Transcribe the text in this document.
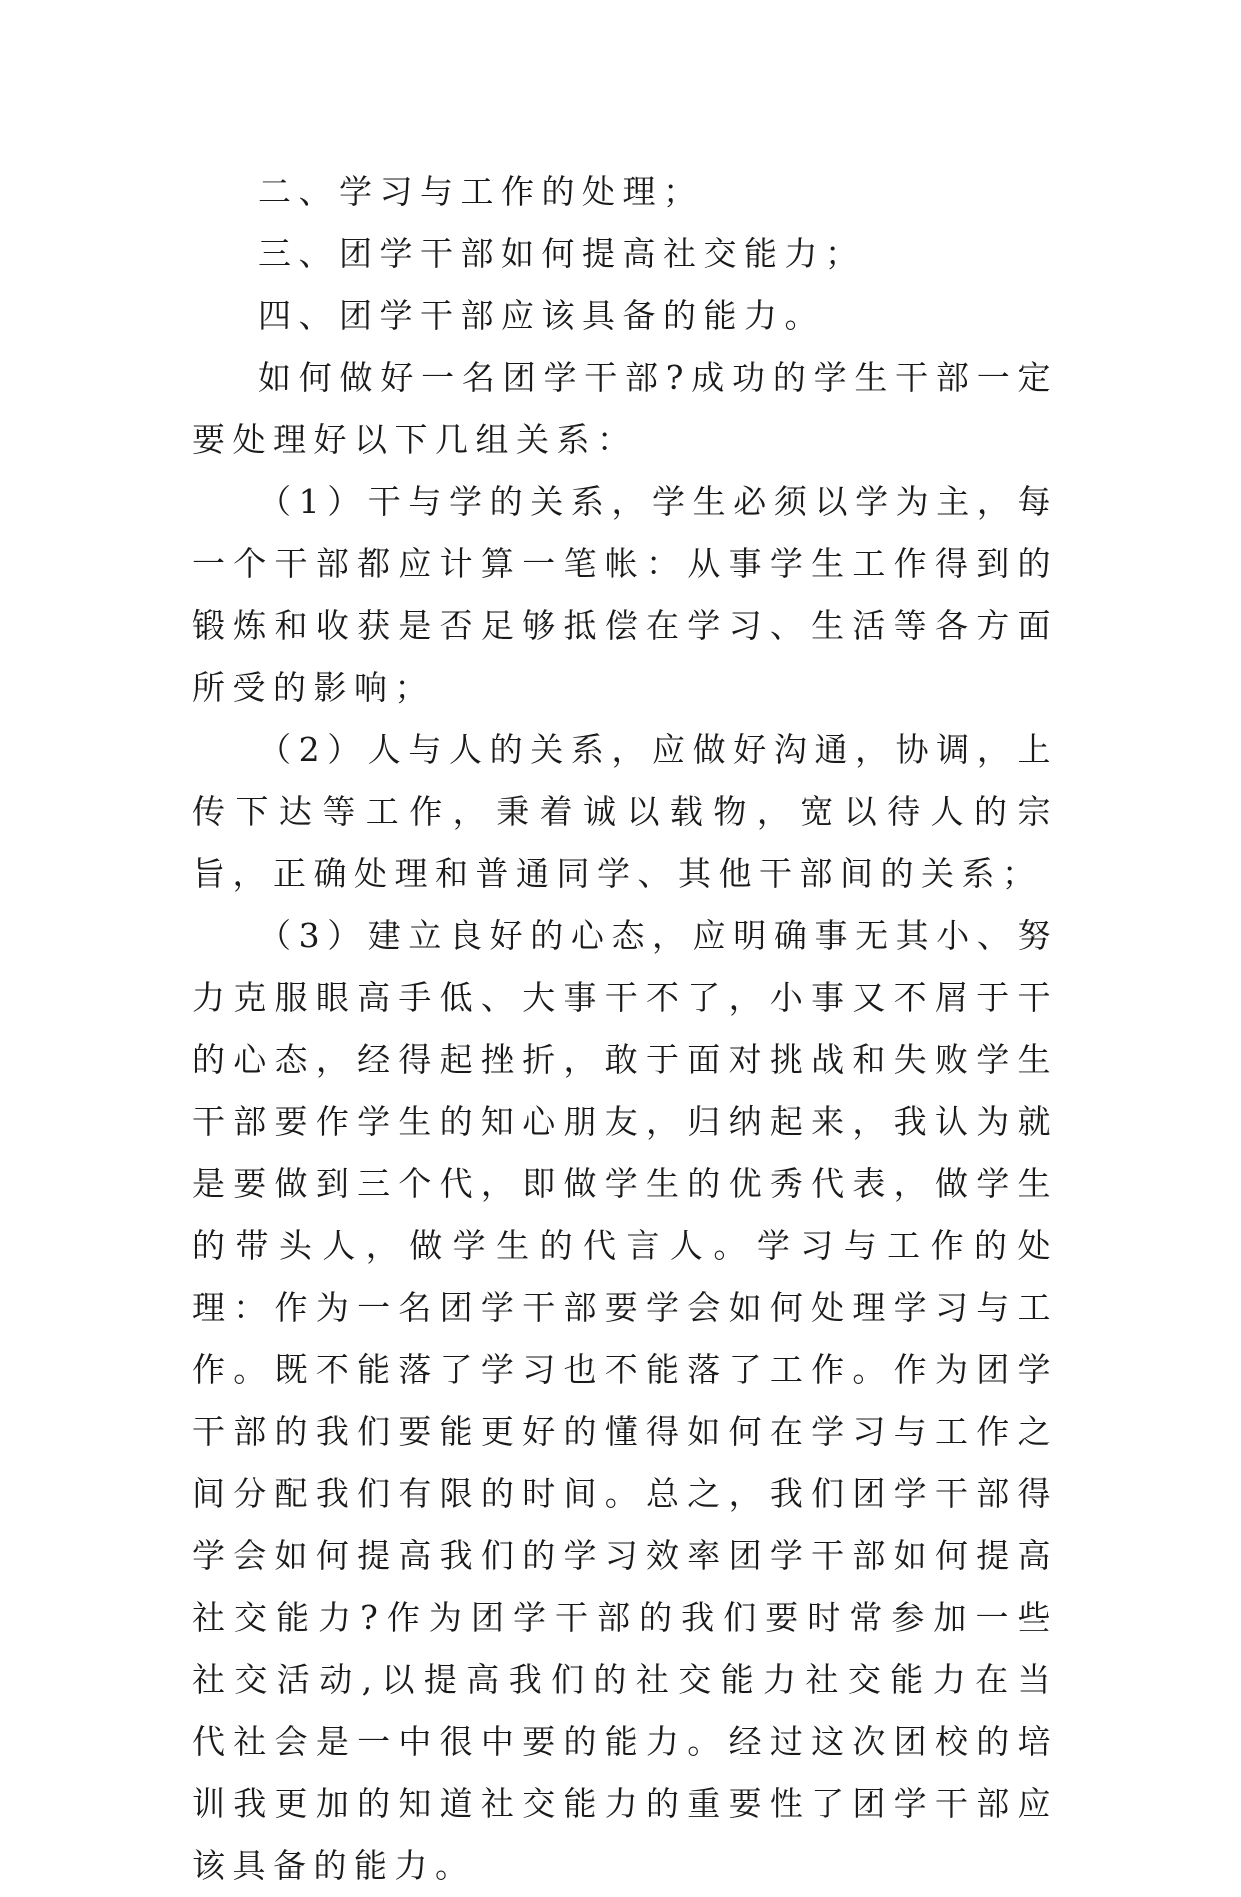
二、学习与工作的处理；

三、团学干部如何提高社交能力；

四、团学干部应该具备的能力。

如何做好一名团学干部?成功的学生干部一定要处理好以下几组关系：

（1）干与学的关系，学生必须以学为主，每一个干部都应计算一笔帐：从事学生工作得到的锻炼和收获是否足够抵偿在学习、生活等各方面所受的影响；

（2）人与人的关系，应做好沟通，协调，上传下达等工作，秉着诚以载物，宽以待人的宗旨，正确处理和普通同学、其他干部间的关系；

（3）建立良好的心态，应明确事无其小、努力克服眼高手低、大事干不了，小事又不屑于干的心态，经得起挫折，敢于面对挑战和失败学生干部要作学生的知心朋友，归纳起来，我认为就是要做到三个代，即做学生的优秀代表，做学生的带头人，做学生的代言人。学习与工作的处理：作为一名团学干部要学会如何处理学习与工作。既不能落了学习也不能落了工作。作为团学干部的我们要能更好的懂得如何在学习与工作之间分配我们有限的时间。总之，我们团学干部得学会如何提高我们的学习效率团学干部如何提高社交能力?作为团学干部的我们要时常参加一些社交活动,以提高我们的社交能力社交能力在当代社会是一中很中要的能力。经过这次团校的培训我更加的知道社交能力的重要性了团学干部应该具备的能力。
